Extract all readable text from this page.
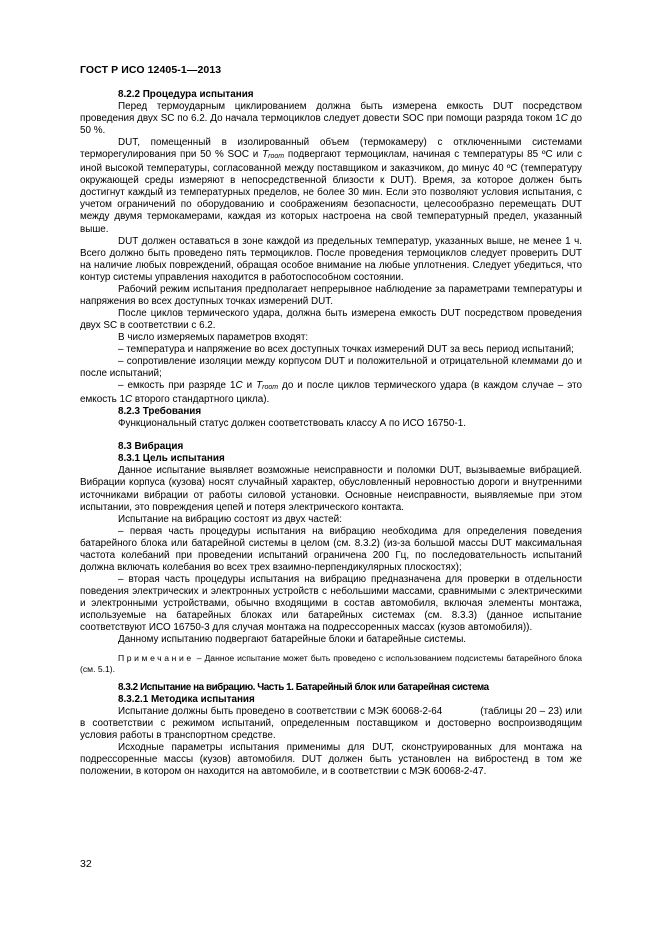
ГОСТ Р ИСО 12405-1—2013

8.2.2 Процедура испытания

Перед термоударным циклированием должна быть измерена емкость DUT посредством проведения двух SC по 6.2. До начала термоциклов следует довести SOC при помощи разряда током 1C до 50 %.

DUT, помещенный в изолированный объем (термокамеру) с отключенными системами терморегулирования при 50 % SOC и Troom подвергают термоциклам, начиная с температуры 85 ºС или с иной высокой температуры, согласованной между поставщиком и заказчиком, до минус 40 ºС (температуру окружающей среды измеряют в непосредственной близости к DUT). Время, за которое должен быть достигнут каждый из температурных пределов, не более 30 мин. Если это позволяют условия испытания, с учетом ограничений по оборудованию и соображениям безопасности, целесообразно перемещать DUT между двумя термокамерами, каждая из которых настроена на свой температурный предел, указанный выше.

DUT должен оставаться в зоне каждой из предельных температур, указанных выше, не менее 1 ч. Всего должно быть проведено пять термоциклов. После проведения термоциклов следует проверить DUT на наличие любых повреждений, обращая особое внимание на любые уплотнения. Следует убедиться, что контур системы управления находится в работоспособном состоянии.

Рабочий режим испытания предполагает непрерывное наблюдение за параметрами температуры и напряжения во всех доступных точках измерений DUT.

После циклов термического удара, должна быть измерена емкость DUT посредством проведения двух SC в соответствии с 6.2.

В число измеряемых параметров входят:

– температура и напряжение во всех доступных точках измерений DUT за весь период испытаний;

– сопротивление изоляции между корпусом DUT и положительной и отрицательной клеммами до и после испытаний;

– емкость при разряде 1C и Troom до и после циклов термического удара (в каждом случае – это емкость 1C второго стандартного цикла).

8.2.3 Требования

Функциональный статус должен соответствовать классу А по ИСО 16750-1.

8.3 Вибрация

8.3.1 Цель испытания

Данное испытание выявляет возможные неисправности и поломки DUT, вызываемые вибрацией. Вибрации корпуса (кузова) носят случайный характер, обусловленный неровностью дороги и внутренними источниками вибрации от работы силовой установки. Основные неисправности, выявляемые при этом испытании, это повреждения цепей и потеря электрического контакта.

Испытание на вибрацию состоят из двух частей:

– первая часть процедуры испытания на вибрацию необходима для определения поведения батарейного блока или батарейной системы в целом (см. 8.3.2) (из-за большой массы DUT максимальная частота колебаний при проведении испытаний ограничена 200 Гц, по последовательность испытаний должна включать колебания во всех трех взаимно-перпендикулярных плоскостях);

– вторая часть процедуры испытания на вибрацию предназначена для проверки в отдельности поведения электрических и электронных устройств с небольшими массами, сравнимыми с электрическими и электронными устройствами, обычно входящими в состав автомобиля, включая элементы монтажа, используемые на батарейных блоках или батарейных системах (см. 8.3.3) (данное испытание соответствуют ИСО 16750-3 для случая монтажа на подрессоренных массах (кузов автомобиля)).

Данному испытанию подвергают батарейные блоки и батарейные системы.

Примечание – Данное испытание может быть проведено с использованием подсистемы батарейного блока (см. 5.1).

8.3.2 Испытание на вибрацию. Часть 1. Батарейный блок или батарейная система

8.3.2.1 Методика испытания

Испытание должны быть проведено в соответствии с МЭК 60068-2-64	(таблицы 20 – 23) или в соответствии с режимом испытаний, определенным поставщиком и достоверно воспроизводящим условия работы в транспортном средстве.

Исходные параметры испытания применимы для DUT, сконструированных для монтажа на подрессоренные массы (кузов) автомобиля. DUT должен быть установлен на вибростенд в том же положении, в котором он находится на автомобиле, и в соответствии с МЭК 60068-2-47.

32
